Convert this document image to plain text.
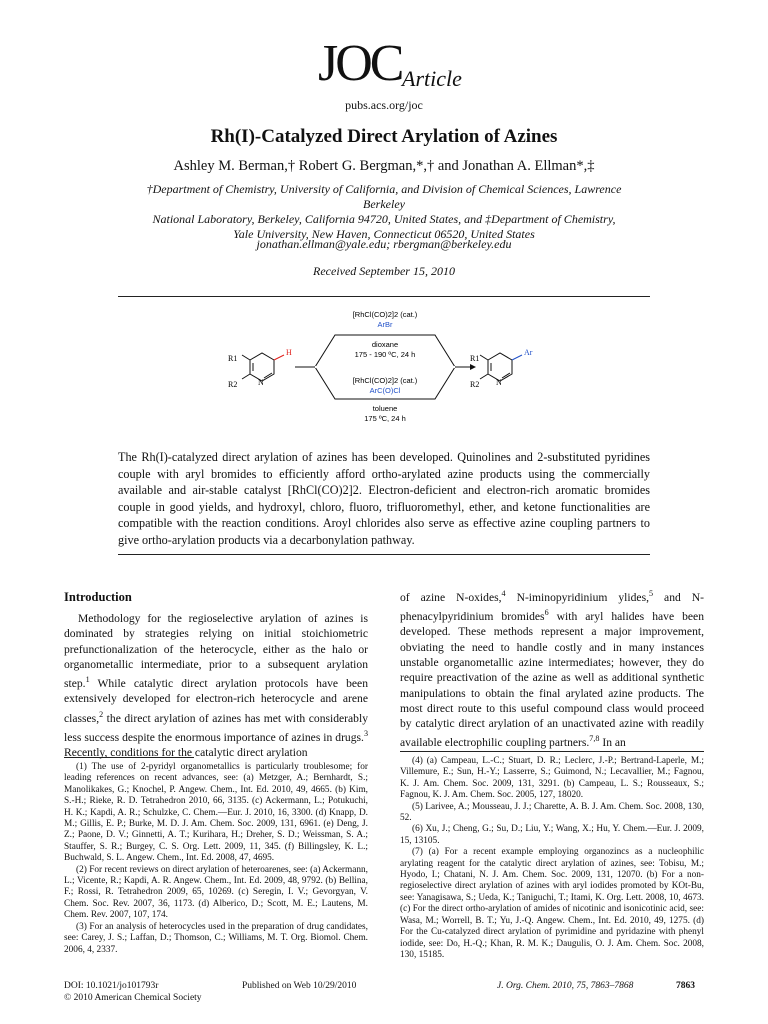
JOC Article
pubs.acs.org/joc
Rh(I)-Catalyzed Direct Arylation of Azines
Ashley M. Berman,† Robert G. Bergman,*,† and Jonathan A. Ellman*,‡
†Department of Chemistry, University of California, and Division of Chemical Sciences, Lawrence Berkeley
National Laboratory, Berkeley, California 94720, United States, and ‡Department of Chemistry,
Yale University, New Haven, Connecticut 06520, United States
jonathan.ellman@yale.edu; rbergman@berkeley.edu
Received September 15, 2010
R1
R2	N
H
[RhCl(CO)2]2 (cat.)
ArBr
dioxane
175 - 190 ºC, 24 h
[RhCl(CO)2]2 (cat.)
ArC(O)Cl
toluene
175 ºC, 24 h
R1
R2 N
Ar
The Rh(I)-catalyzed direct arylation of azines has been developed. Quinolines and 2-substituted pyridines couple with aryl bromides to efficiently afford ortho-arylated azine products using the commercially available and air-stable catalyst [RhCl(CO)2]2. Electron-deficient and electron-rich aromatic bromides couple in good yields, and hydroxyl, chloro, fluoro, trifluoromethyl, ether, and ketone functionalities are compatible with the reaction conditions. Aroyl chlorides also serve as effective azine coupling partners to give ortho-arylation products via a decarbonylation pathway.
Introduction

Methodology for the regioselective arylation of azines is dominated by strategies relying on initial stoichiometric prefunctionalization of the heterocycle, either as the halo or organometallic intermediate, prior to a subsequent arylation step.$^1$ While catalytic direct arylation protocols have been extensively developed for electron-rich heterocycle and arene classes,$^2$ the direct arylation of azines has met with considerably less success despite the enormous importance of azines in drugs.$^3$ Recently, conditions for the catalytic direct arylation

of azine N-oxides,$^4$ N-iminopyridinium ylides,$^5$ and N-phenacylpyridinium bromides$^6$ with aryl halides have been developed. These methods represent a major improvement, obviating the need to handle costly and in many instances unstable organometallic azine intermediates; however, they do require preactivation of the azine as well as additional synthetic manipulations to obtain the final arylated azine products. The most direct route to this useful compound class would proceed by catalytic direct arylation of an unactivated azine with readily available electrophilic coupling partners.$^{7,8}$ In an

(1) The use of 2-pyridyl organometallics is particularly troublesome; for leading references on recent advances, see: (a) Metzger, A.; Bernhardt, S.; Manolikakes, G.; Knochel, P. Angew. Chem., Int. Ed. 2010, 49, 4665. (b) Kim, S.-H.; Rieke, R. D. Tetrahedron 2010, 66, 3135. (c) Ackermann, L.; Potukuchi, H. K.; Kapdi, A. R.; Schulzke, C. Chem.—Eur. J. 2010, 16, 3300. (d) Knapp, D. M.; Gillis, E. P.; Burke, M. D. J. Am. Chem. Soc. 2009, 131, 6961. (e) Deng, J. Z.; Paone, D. V.; Ginnetti, A. T.; Kurihara, H.; Dreher, S. D.; Weissman, S. A.; Stauffer, S. R.; Burgey, C. S. Org. Lett. 2009, 11, 345. (f) Billingsley, K. L.; Buchwald, S. L. Angew. Chem., Int. Ed. 2008, 47, 4695.

(2) For recent reviews on direct arylation of heteroarenes, see: (a) Ackermann, L.; Vicente, R.; Kapdi, A. R. Angew. Chem., Int. Ed. 2009, 48, 9792. (b) Bellina, F.; Rossi, R. Tetrahedron 2009, 65, 10269. (c) Seregin, I. V.; Gevorgyan, V. Chem. Soc. Rev. 2007, 36, 1173. (d) Alberico, D.; Scott, M. E.; Lautens, M. Chem. Rev. 2007, 107, 174.

(3) For an analysis of heterocycles used in the preparation of drug candidates, see: Carey, J. S.; Laffan, D.; Thomson, C.; Williams, M. T. Org. Biomol. Chem. 2006, 4, 2337.

(4) (a) Campeau, L.-C.; Stuart, D. R.; Leclerc, J.-P.; Bertrand-Laperle, M.; Villemure, E.; Sun, H.-Y.; Lasserre, S.; Guimond, N.; Lecavallier, M.; Fagnou, K. J. Am. Chem. Soc. 2009, 131, 3291. (b) Campeau, L. S.; Rousseaux, S.; Fagnou, K. J. Am. Chem. Soc. 2005, 127, 18020.

(5) Larivee, A.; Mousseau, J. J.; Charette, A. B. J. Am. Chem. Soc. 2008, 130, 52.

(6) Xu, J.; Cheng, G.; Su, D.; Liu, Y.; Wang, X.; Hu, Y. Chem.—Eur. J. 2009, 15, 13105.

(7) (a) For a recent example employing organozincs as a nucleophilic arylating reagent for the catalytic direct arylation of azines, see: Tobisu, M.; Hyodo, I.; Chatani, N. J. Am. Chem. Soc. 2009, 131, 12070. (b) For a non-regioselective direct arylation of azines with aryl iodides promoted by KOt-Bu, see: Yanagisawa, S.; Ueda, K.; Taniguchi, T.; Itami, K. Org. Lett. 2008, 10, 4673. (c) For the direct ortho-arylation of amides of nicotinic and isonicotinic acid, see: Wasa, M.; Worrell, B. T.; Yu, J.-Q. Angew. Chem., Int. Ed. 2010, 49, 1275. (d) For the Cu-catalyzed direct arylation of pyrimidine and pyridazine with phenyl iodide, see: Do, H.-Q.; Khan, R. M. K.; Daugulis, O. J. Am. Chem. Soc. 2008, 130, 15185.

DOI: 10.1021/jo101793r
© 2010 American Chemical Society
Published on Web 10/29/2010	J. Org. Chem. 2010, 75, 7863–7868	7863
